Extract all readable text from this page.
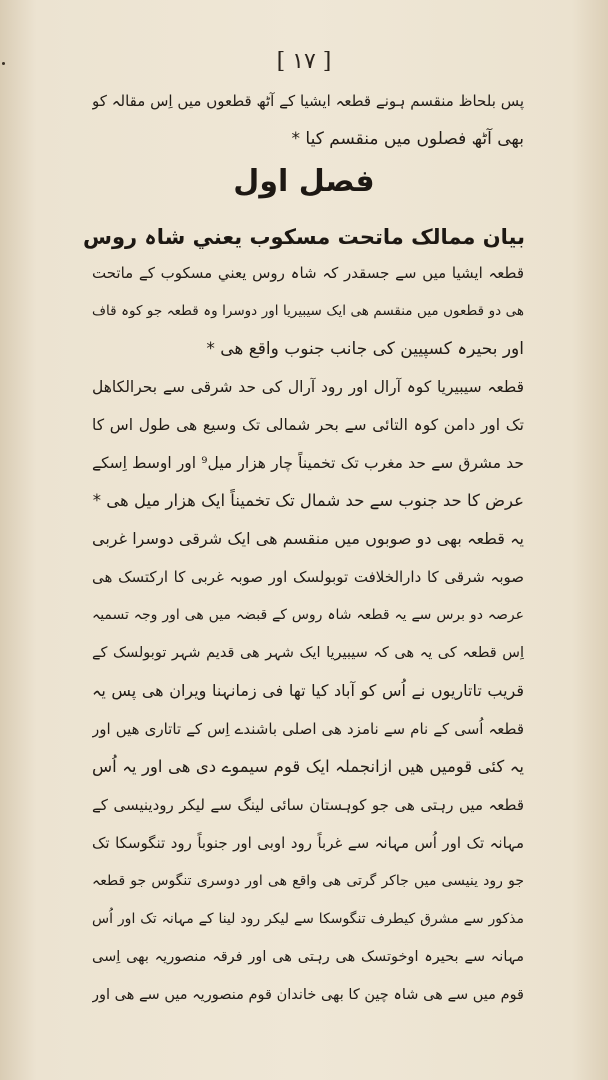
[ ١٧ ]
پس بلحاظ منقسم ہونے قطعہ ایشیا کے آٹھ قطعوں میں اِس مقالہ کو
بھی آٹھ فصلوں میں منقسم کیا *
فصل اول
بیان ممالک ماتحت مسکوب یعني شاہ روس
قطعہ ایشیا میں سے جسقدر کہ شاہ روس یعني مسکوب کے ماتحت
هی دو قطعوں میں منقسم هی ایک سیبیریا اور دوسرا وہ قطعہ جو کوہ قاف
اور بحیرہ کسپیین کی جانب جنوب واقع هی *
قطعہ سیبیریا کوہ آرال اور رود آرال کی حد شرقی سے بحرالکاهل
تک اور دامن کوہ التائی سے بحر شمالی تک وسیع هی طول اس کا
حد مشرق سے حد مغرب تک تخمیناً چار هزار میل⁹ اور اوسط اِسکے
عرض کا حد جنوب سے حد شمال تک تخمیناً ایک هزار میل هی *
یہ قطعہ بھی دو صوبوں میں منقسم هی ایک شرقی دوسرا غربی
صوبہ شرقی کا دارالخلافت توبولسک اور صوبہ غربی کا ارکتسک هی
عرصہ دو برس سے یہ قطعہ شاہ روس کے قبضہ میں هی اور وجہ تسمیہ
اِس قطعہ کی یہ هی کہ سیبیریا ایک شہر هی قدیم شہر توبولسک کے
قریب تاتاریوں نے اُس کو آباد کیا تھا فی زمانہنا ویران هی پس یہ
قطعہ اُسی کے نام سے نامزد هی اصلی باشندے اِس کے تاتاری هیں اور
یہ کئی قومیں هیں ازانجملہ ایک قوم سیموے دی هی اور یہ اُس
قطعہ میں رہتی هی جو کوہستان سائی لینگ سے لیکر رودینیسی کے
مہانہ تک اور اُس مہانہ سے غرباً رود اوبی اور جنوباً رود تنگوسکا تک
جو رود ینیسی میں جاکر گرتی هی واقع هی اور دوسری تنگوس جو قطعہ
مذکور سے مشرق کیطرف تنگوسکا سے لیکر رود لینا کے مہانہ تک اور اُس
مہانہ سے بحیرہ اوخوتسک هی رہتی هی اور فرقہ منصوریہ بھی اِسی
قوم میں سے هی شاہ چین کا بھی خاندان قوم منصوریہ میں سے هی اور
